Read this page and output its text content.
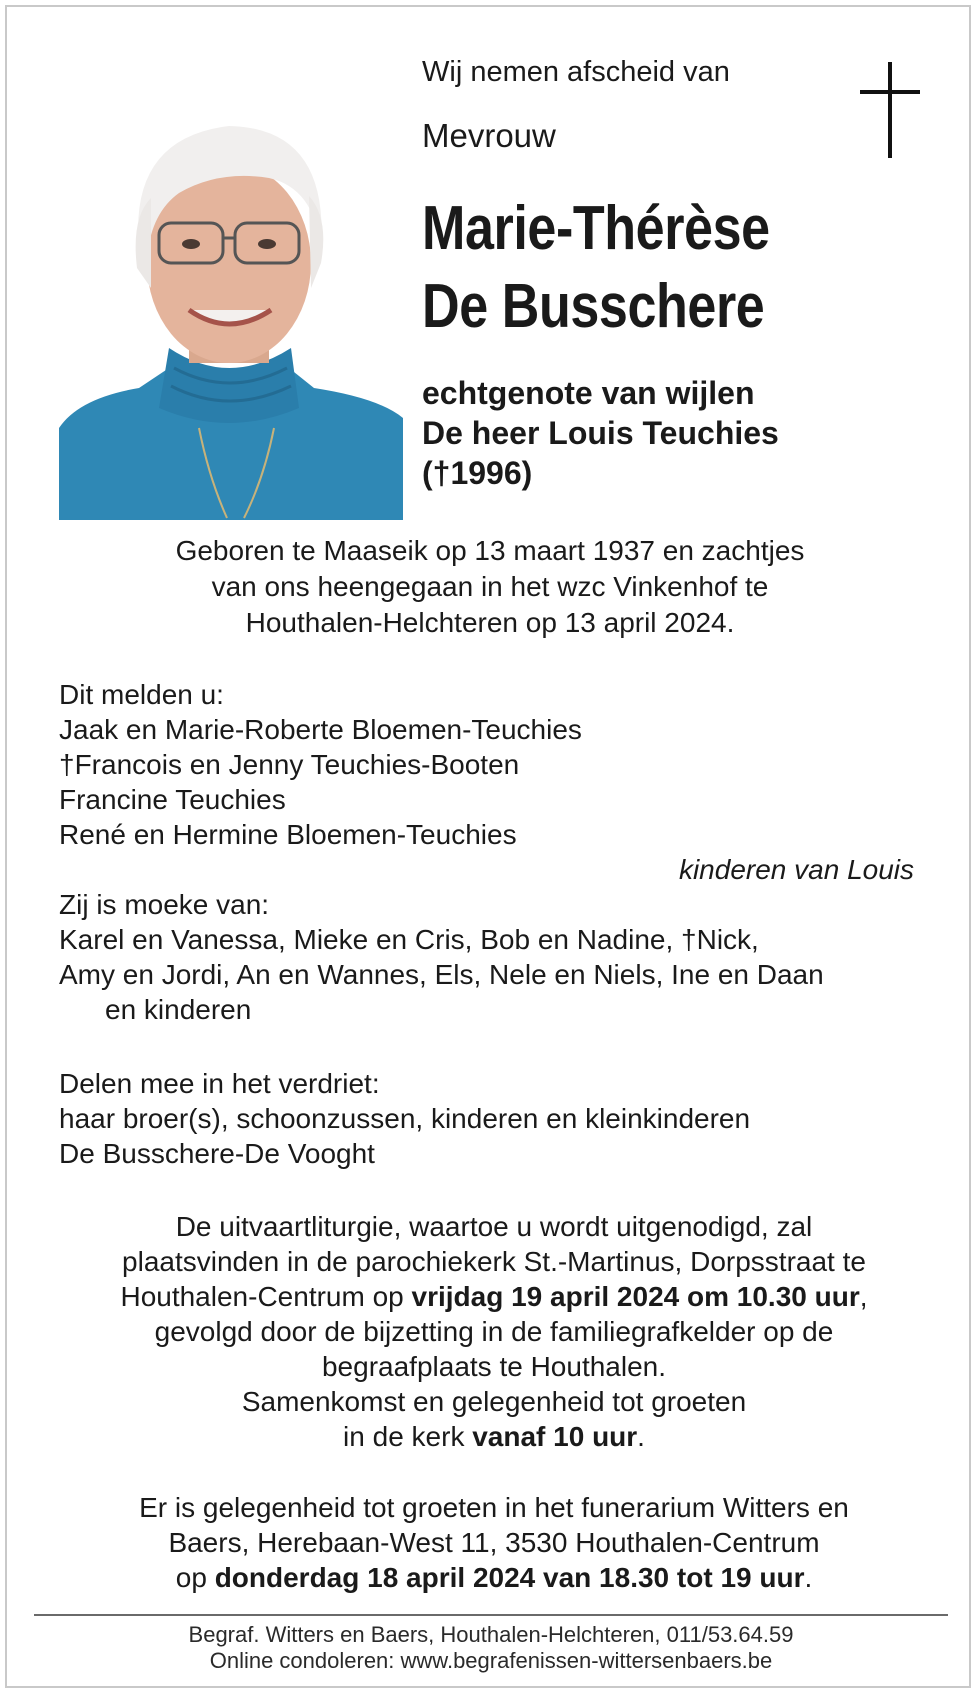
Wij nemen afscheid van

Mevrouw

Marie-Thérèse
De Busschere
echtgenote van wijlen
De heer Louis Teuchies
(†1996)
Geboren te Maaseik op 13 maart 1937 en zachtjes
van ons heengegaan in het wzc Vinkenhof te
Houthalen-Helchteren op 13 april 2024.
Dit melden u:
Jaak en Marie-Roberte Bloemen-Teuchies
†Francois en Jenny Teuchies-Booten
Francine Teuchies
René en Hermine Bloemen-Teuchies
kinderen van Louis
Zij is moeke van:
Karel en Vanessa, Mieke en Cris, Bob en Nadine, †Nick,
Amy en Jordi, An en Wannes, Els, Nele en Niels, Ine en Daan
en kinderen
Delen mee in het verdriet:
haar broer(s), schoonzussen, kinderen en kleinkinderen
De Busschere-De Vooght
De uitvaartliturgie, waartoe u wordt uitgenodigd, zal
plaatsvinden in de parochiekerk St.-Martinus, Dorpsstraat te
Houthalen-Centrum op vrijdag 19 april 2024 om 10.30 uur,
gevolgd door de bijzetting in de familiegrafkelder op de
begraafplaats te Houthalen.
Samenkomst en gelegenheid tot groeten
in de kerk vanaf 10 uur.
Er is gelegenheid tot groeten in het funerarium Witters en
Baers, Herebaan-West 11, 3530 Houthalen-Centrum
op donderdag 18 april 2024 van 18.30 tot 19 uur.
Begraf. Witters en Baers, Houthalen-Helchteren, 011/53.64.59
Online condoleren: www.begrafenissen-wittersenbaers.be
